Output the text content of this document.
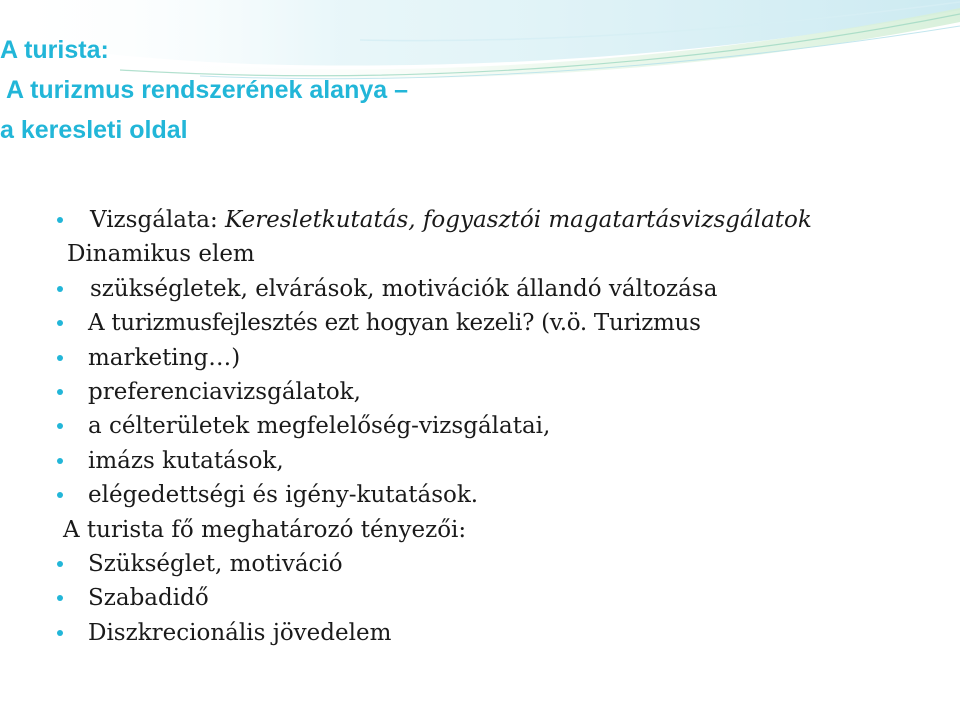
A turista:
A turizmus rendszerének alanya –
a keresleti oldal
Vizsgálata: Keresletkutatás, fogyasztói magatartásvizsgálatok
Dinamikus elem
szükségletek, elvárások, motivációk állandó változása
A turizmusfejlesztés ezt hogyan kezeli? (v.ö. Turizmus
marketing…)
preferenciavizsgálatok,
a célterületek megfelelőség-vizsgálatai,
imázs kutatások,
elégedettségi és igény-kutatások.
A turista fő meghatározó tényezői:
Szükséglet, motiváció
Szabadidő
Diszkrecionális jövedelem
